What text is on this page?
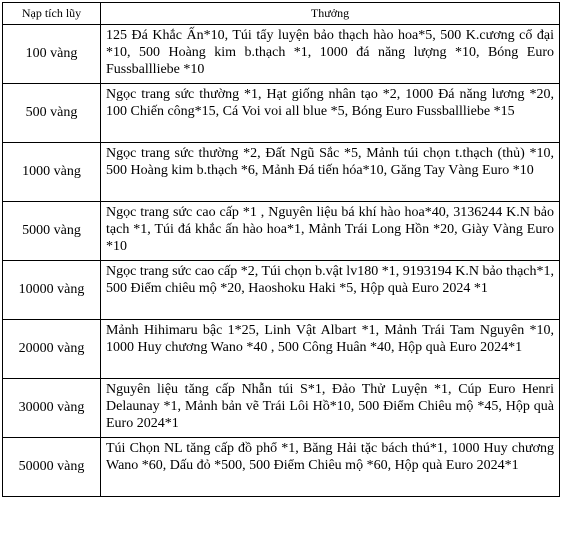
Nạp tích lũy	Thưởng
100 vàng	125 Đá Khắc Ấn*10, Túi tẩy luyện bảo thạch hào hoa*5, 500 K.cương cổ đại *10, 500 Hoàng kim b.thạch *1, 1000 đá năng lượng *10, Bóng Euro Fussballliebe *10
500 vàng	Ngọc trang sức thường *1, Hạt giống nhân tạo *2, 1000 Đá năng lương *20, 100 Chiến công*15, Cá Voi voi all blue *5, Bóng Euro Fussballliebe *15
1000 vàng	Ngọc trang sức thường *2, Đất Ngũ Sắc *5, Mảnh túi chọn t.thạch (thủ) *10, 500 Hoàng kim b.thạch *6, Mảnh Đá tiến hóa*10, Găng Tay Vàng Euro *10
5000 vàng	Ngọc trang sức cao cấp *1 , Nguyên liệu bá khí hào hoa*40, 3136244 K.N bảo tạch *1, Túi đá khắc ấn hào hoa*1, Mảnh Trái Long Hồn *20, Giày Vàng Euro *10
10000 vàng	Ngọc trang sức cao cấp *2, Túi chọn b.vật lv180 *1, 9193194 K.N bảo thạch*1, 500 Điểm chiêu mộ *20, Haoshoku Haki *5, Hộp quà Euro 2024 *1
20000 vàng	Mảnh Hihimaru bậc 1*25, Linh Vật Albart *1, Mảnh Trái Tam Nguyên *10, 1000 Huy chương Wano *40 , 500 Công Huân *40, Hộp quà Euro 2024*1
30000 vàng	Nguyên liệu tăng cấp Nhẫn túi S*1, Đảo Thử Luyện *1, Cúp Euro Henri Delaunay *1, Mảnh bản vẽ Trái Lôi Hồ*10, 500 Điểm Chiêu mộ *45, Hộp quà Euro 2024*1
50000 vàng	Túi Chọn NL tăng cấp đồ phổ *1, Băng Hải tặc bách thú*1, 1000 Huy chương Wano *60, Dấu đỏ *500, 500 Điểm Chiêu mộ *60, Hộp quà Euro 2024*1
